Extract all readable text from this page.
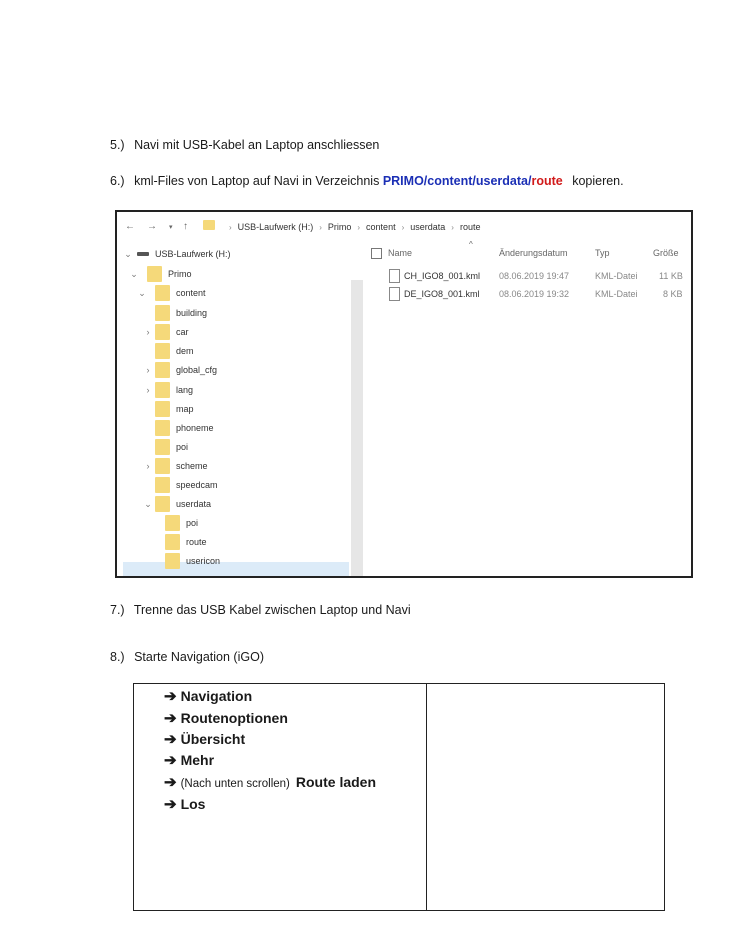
5.) Navi mit USB-Kabel an Laptop anschliessen
6.) kml-Files von Laptop auf Navi in Verzeichnis PRIMO/content/userdata/route kopieren.
← → ▾ ↑	› USB-Laufwerk (H:) › Primo › content › userdata › route
⌄	USB-Laufwerk (H:)
⌄	Primo
⌄	content
building
›	car
dem
›	global_cfg
›	lang
map
phoneme
poi
›	scheme
speedcam
⌄	userdata
poi
route
usericon
Name
^
Änderungsdatum	Typ	Größe
CH_IGO8_001.kml 08.06.2019 19:47	KML-Datei 11 KB
DE_IGO8_001.kml 08.06.2019 19:32	KML-Datei	8 KB
7.) Trenne das USB Kabel zwischen Laptop und Navi
8.) Starte Navigation (iGO)
➔ Navigation
➔ Routenoptionen
➔ Übersicht
➔ Mehr
➔ (Nach unten scrollen) Route laden
➔ Los
